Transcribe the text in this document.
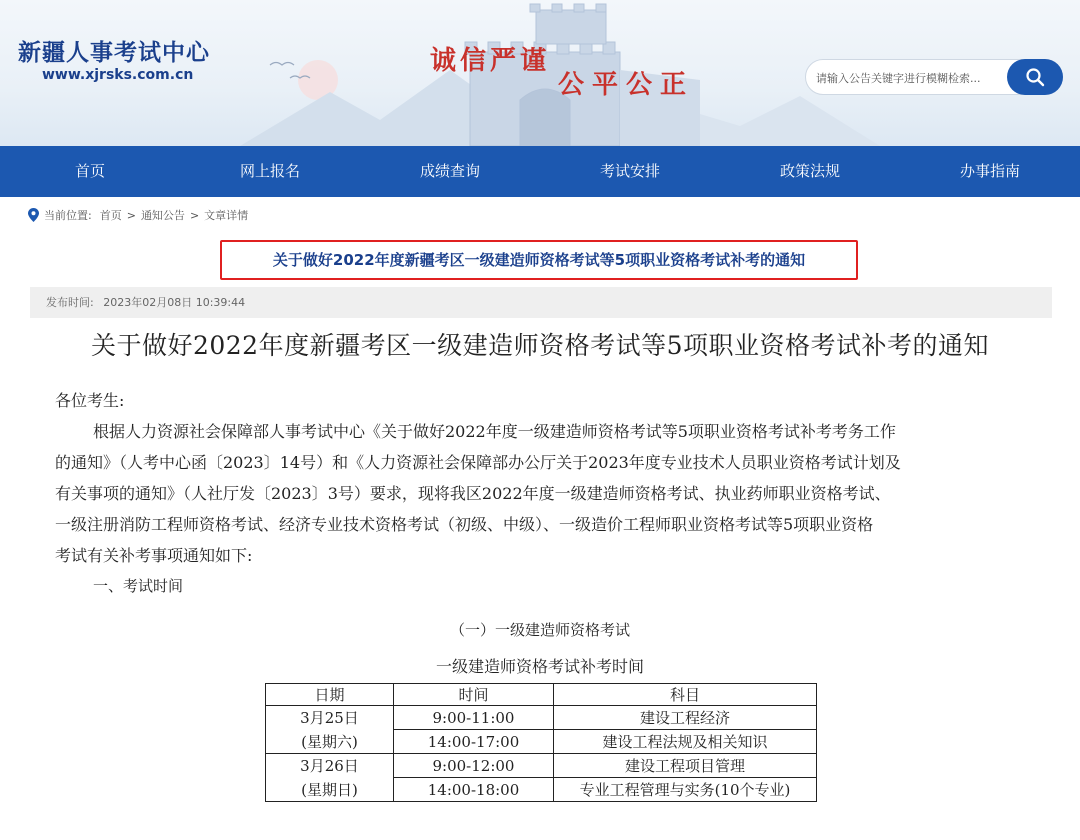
新疆人事考试中心
www.xjrsks.com.cn	诚信严谨
公平公正
请输入公告关键字进行模糊检索...
首页	网上报名	成绩查询	考试安排	政策法规	办事指南
当前位置: 首页 > 通知公告 > 文章详情
关于做好2022年度新疆考区一级建造师资格考试等5项职业资格考试补考的通知
发布时间: 2023年02月08日 10:39:44
关于做好2022年度新疆考区一级建造师资格考试等5项职业资格考试补考的通知

各位考生:

根据人力资源社会保障部人事考试中心《关于做好2022年度一级建造师资格考试等5项职业资格考试补考考务工作

的通知》（人考中心函〔2023〕14号）和《人力资源社会保障部办公厅关于2023年度专业技术人员职业资格考试计划及

有关事项的通知》（人社厅发〔2023〕3号）要求，现将我区2022年度一级建造师资格考试、执业药师职业资格考试、

一级注册消防工程师资格考试、经济专业技术资格考试（初级、中级）、一级造价工程师职业资格考试等5项职业资格

考试有关补考事项通知如下:

一、考试时间

（一）一级建造师资格考试
一级建造师资格考试补考时间
日期	时间	科目
3月25日	9:00-11:00	建设工程经济
(星期六)	14:00-17:00	建设工程法规及相关知识
3月26日	9:00-12:00	建设工程项目管理
(星期日)	14:00-18:00	专业工程管理与实务(10个专业)
